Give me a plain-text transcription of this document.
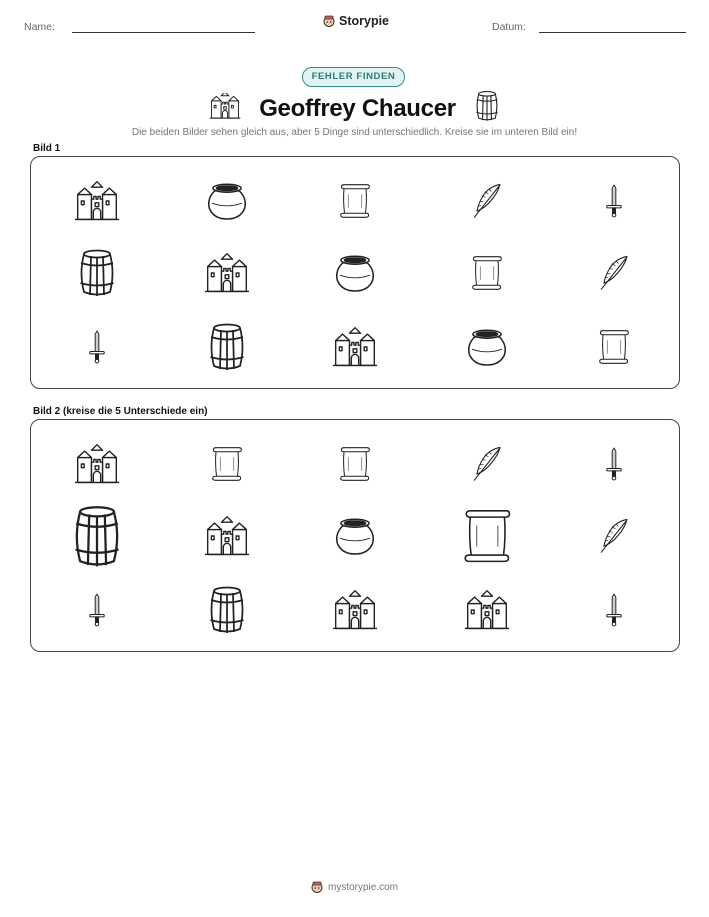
Name:	Storypie	Datum:
FEHLER FINDEN
Geoffrey Chaucer
Die beiden Bilder sehen gleich aus, aber 5 Dinge sind unterschiedlich. Kreise sie im unteren Bild ein!
Bild 1
Bild 2 (kreise die 5 Unterschiede ein)
mystorypie.com
